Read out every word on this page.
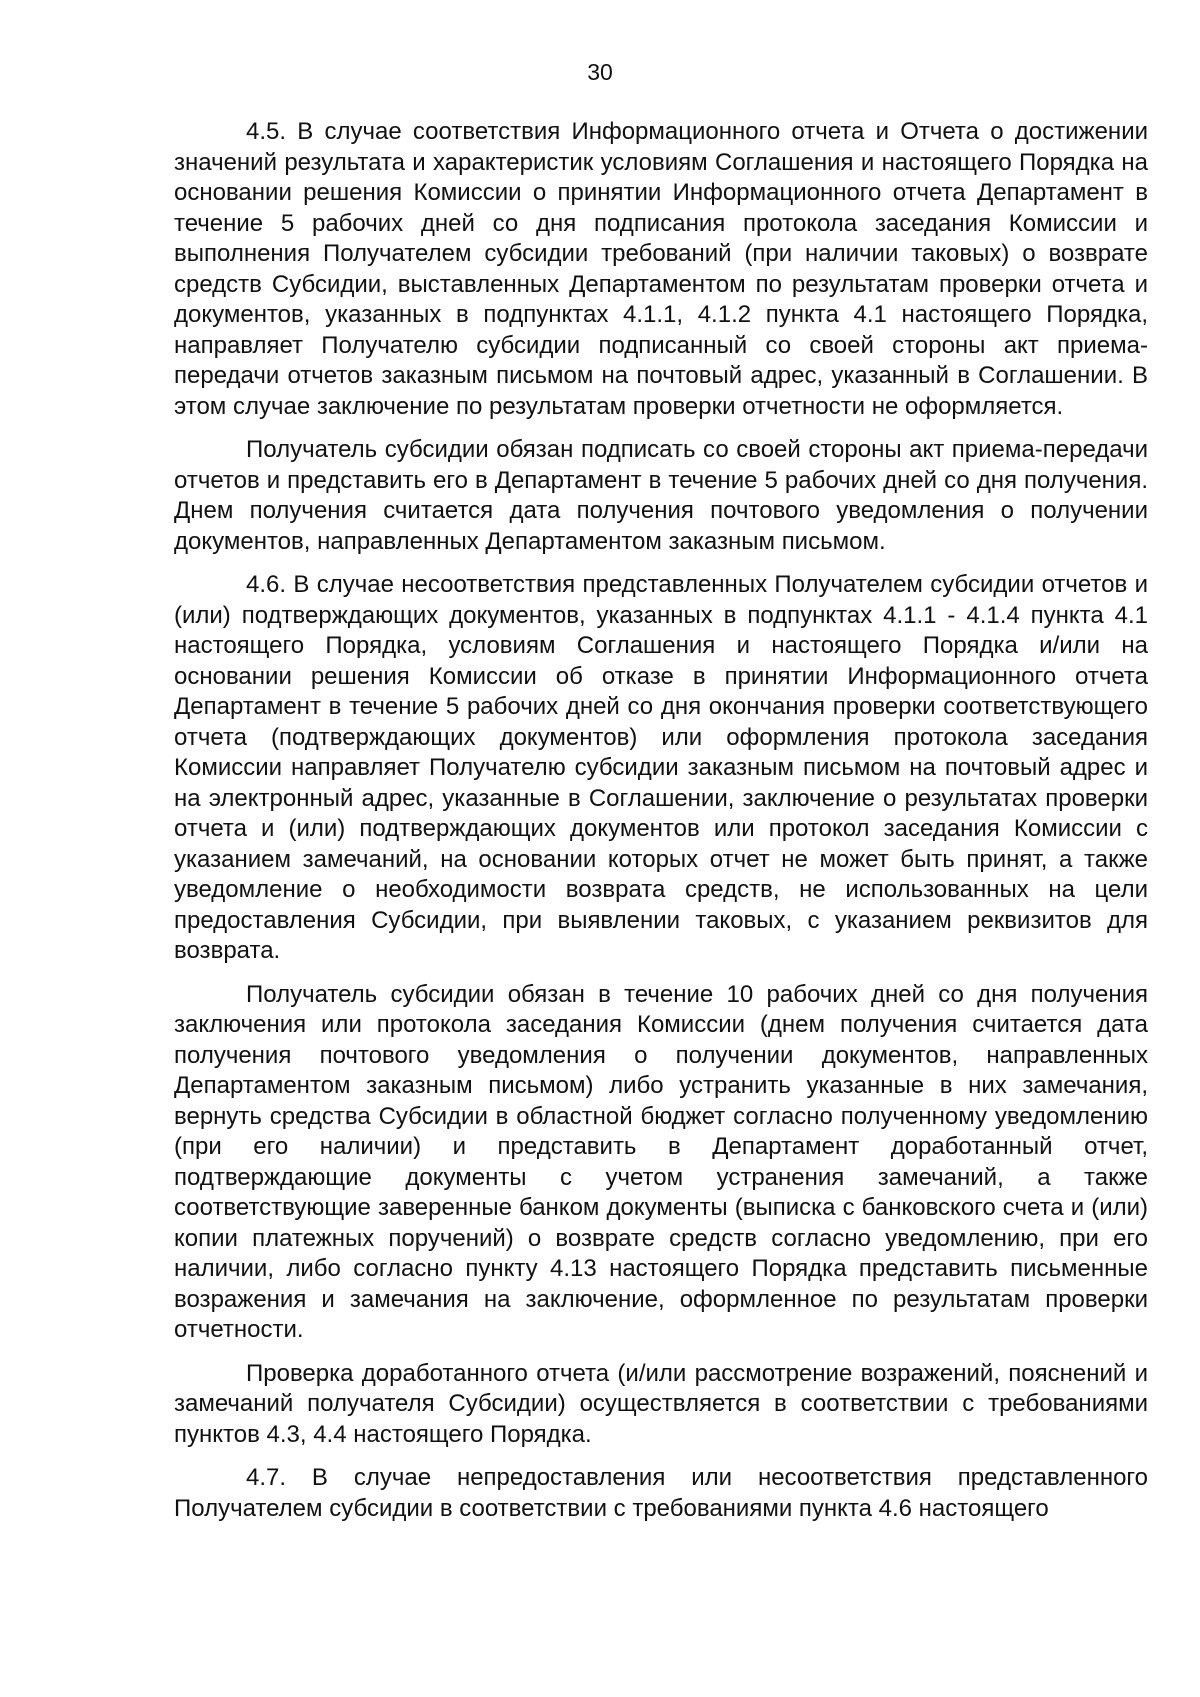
30

4.5. В случае соответствия Информационного отчета и Отчета о достижении значений результата и характеристик условиям Соглашения и настоящего Порядка на основании решения Комиссии о принятии Информационного отчета Департамент в течение 5 рабочих дней со дня подписания протокола заседания Комиссии и выполнения Получателем субсидии требований (при наличии таковых) о возврате средств Субсидии, выставленных Департаментом по результатам проверки отчета и документов, указанных в подпунктах 4.1.1, 4.1.2 пункта 4.1 настоящего Порядка, направляет Получателю субсидии подписанный со своей стороны акт приема-передачи отчетов заказным письмом на почтовый адрес, указанный в Соглашении. В этом случае заключение по результатам проверки отчетности не оформляется.

Получатель субсидии обязан подписать со своей стороны акт приема-передачи отчетов и представить его в Департамент в течение 5 рабочих дней со дня получения. Днем получения считается дата получения почтового уведомления о получении документов, направленных Департаментом заказным письмом.

4.6. В случае несоответствия представленных Получателем субсидии отчетов и (или) подтверждающих документов, указанных в подпунктах 4.1.1 - 4.1.4 пункта 4.1 настоящего Порядка, условиям Соглашения и настоящего Порядка и/или на основании решения Комиссии об отказе в принятии Информационного отчета Департамент в течение 5 рабочих дней со дня окончания проверки соответствующего отчета (подтверждающих документов) или оформления протокола заседания Комиссии направляет Получателю субсидии заказным письмом на почтовый адрес и на электронный адрес, указанные в Соглашении, заключение о результатах проверки отчета и (или) подтверждающих документов или протокол заседания Комиссии с указанием замечаний, на основании которых отчет не может быть принят, а также уведомление о необходимости возврата средств, не использованных на цели предоставления Субсидии, при выявлении таковых, с указанием реквизитов для возврата.

Получатель субсидии обязан в течение 10 рабочих дней со дня получения заключения или протокола заседания Комиссии (днем получения считается дата получения почтового уведомления о получении документов, направленных Департаментом заказным письмом) либо устранить указанные в них замечания, вернуть средства Субсидии в областной бюджет согласно полученному уведомлению (при его наличии) и представить в Департамент доработанный отчет, подтверждающие документы с учетом устранения замечаний, а также соответствующие заверенные банком документы (выписка с банковского счета и (или) копии платежных поручений) о возврате средств согласно уведомлению, при его наличии, либо согласно пункту 4.13 настоящего Порядка представить письменные возражения и замечания на заключение, оформленное по результатам проверки отчетности.

Проверка доработанного отчета (и/или рассмотрение возражений, пояснений и замечаний получателя Субсидии) осуществляется в соответствии с требованиями пунктов 4.3, 4.4 настоящего Порядка.

4.7. В случае непредоставления или несоответствия представленного Получателем субсидии в соответствии с требованиями пункта 4.6 настоящего
